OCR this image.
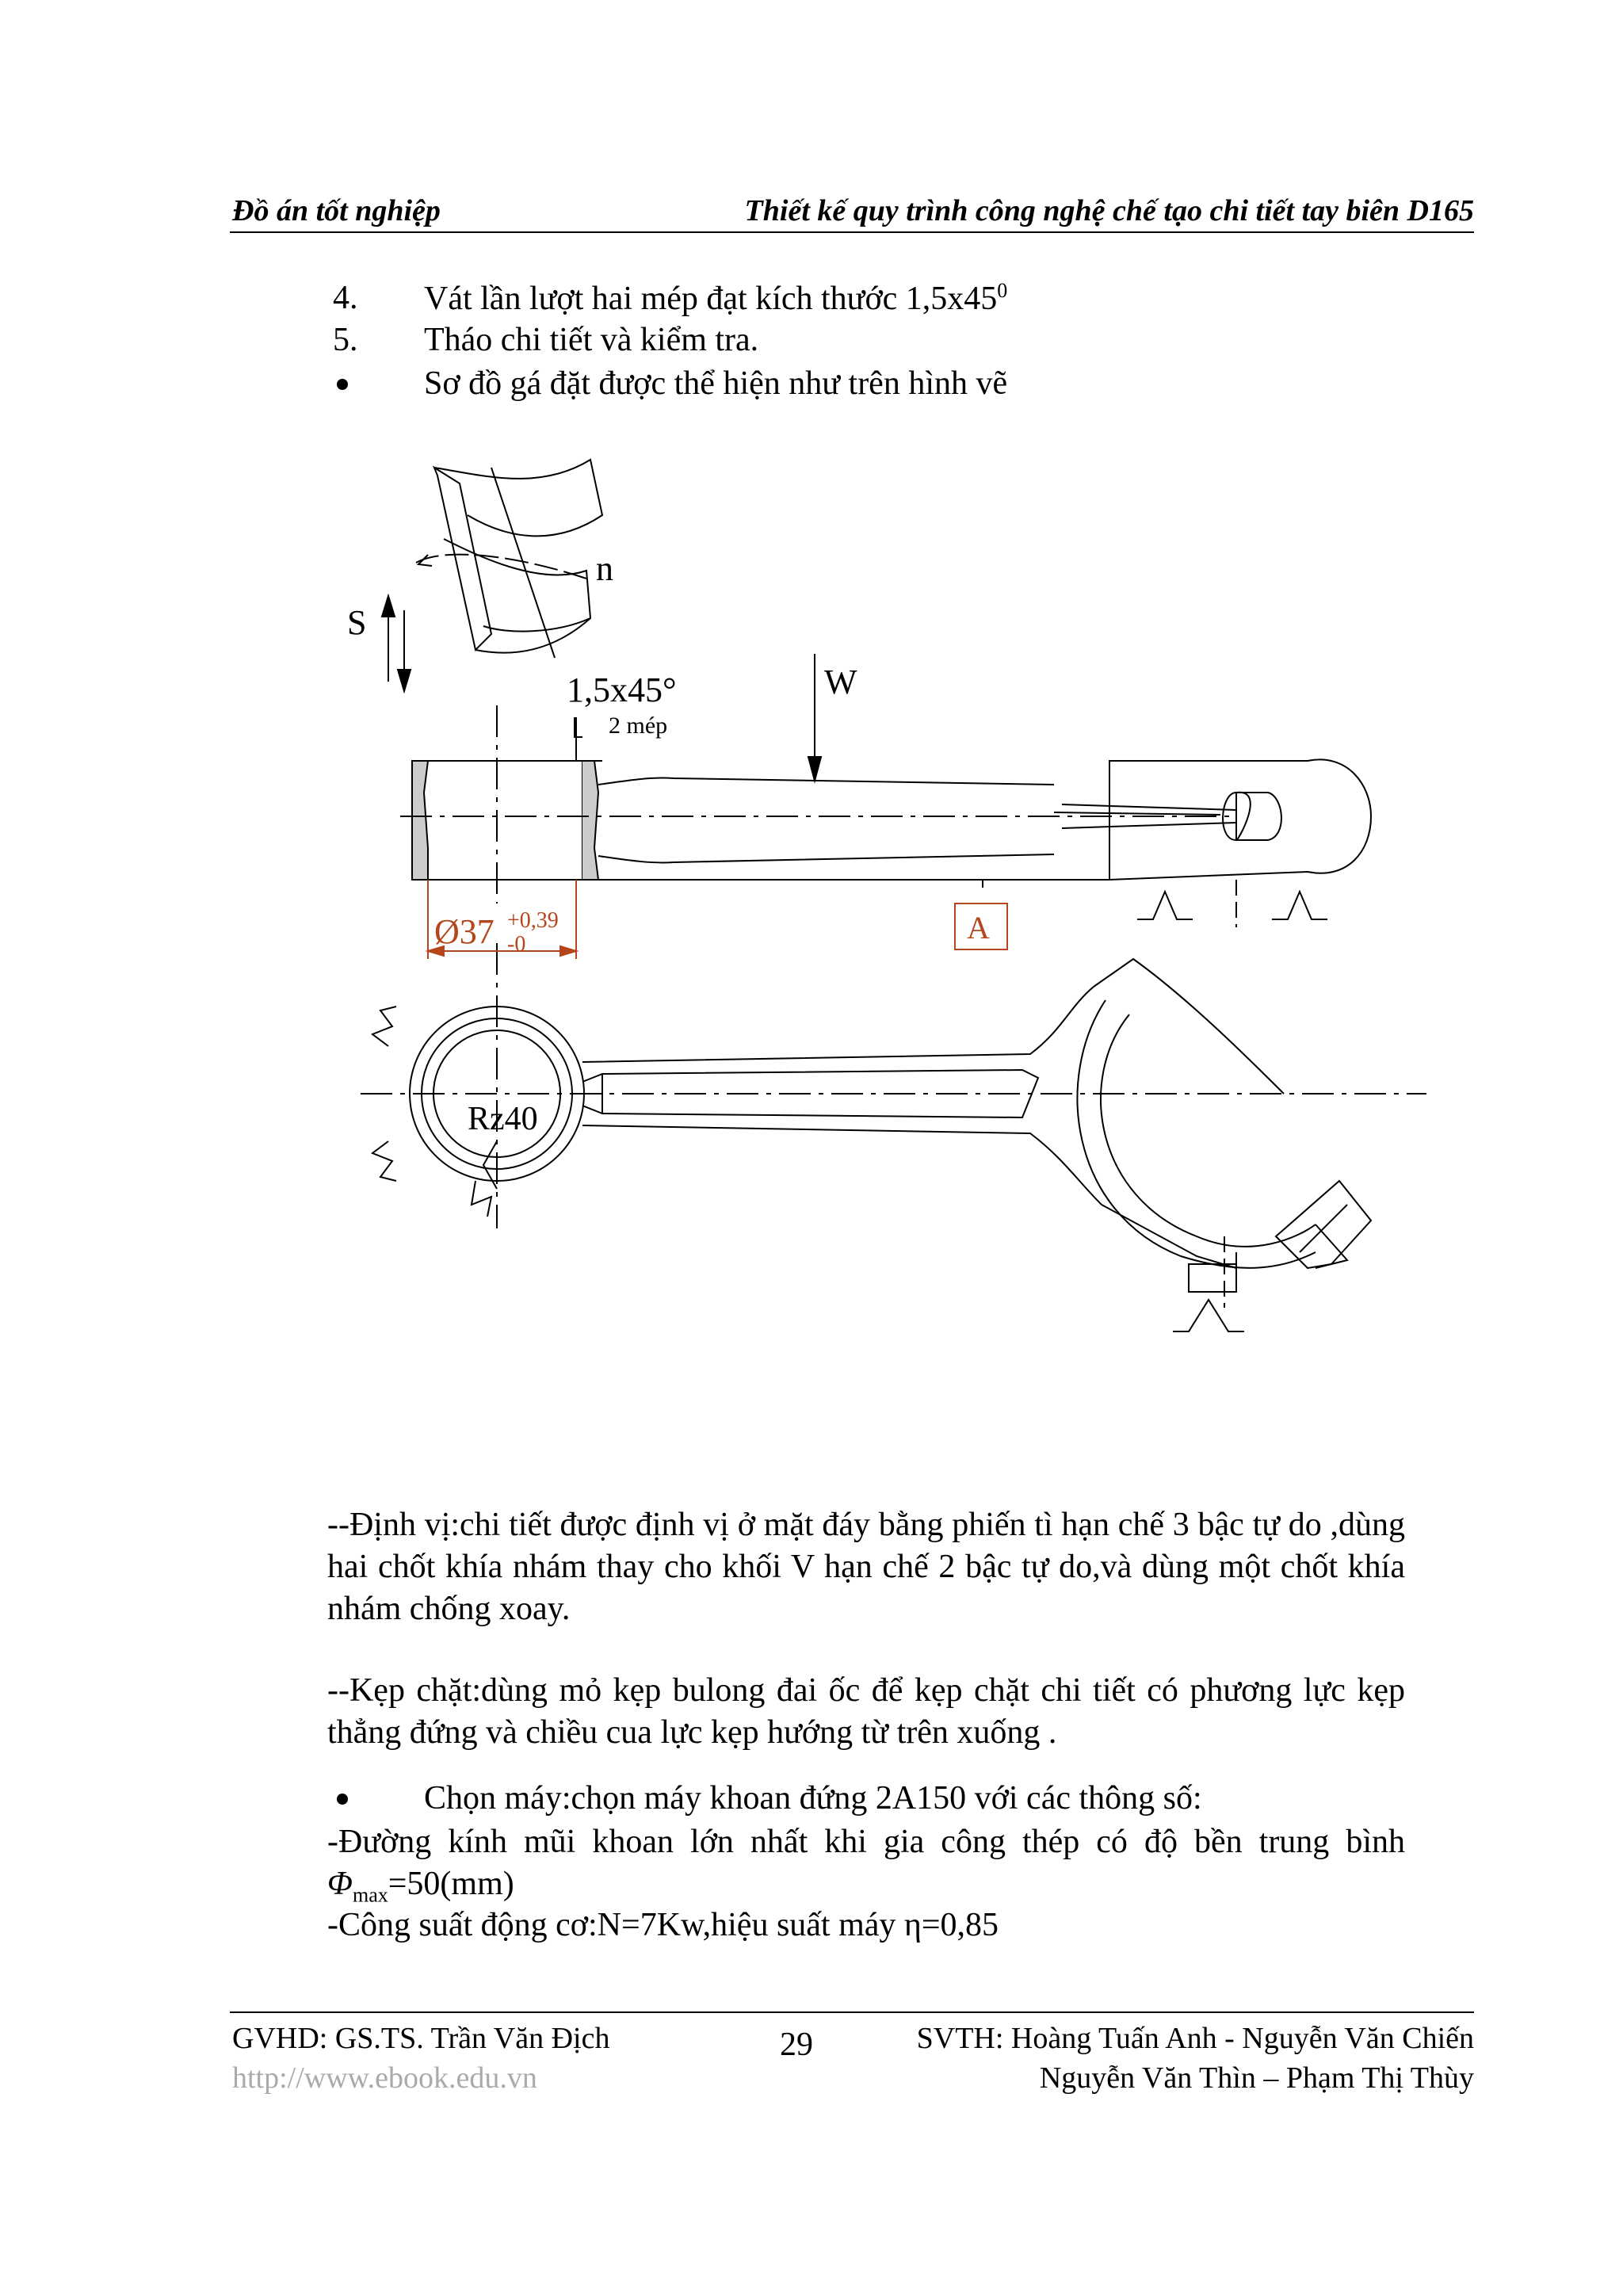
Đồ án tốt nghiệp	Thiết kế quy trình công nghệ chế tạo chi tiết tay biên D165
4. Vát lần lượt hai mép đạt kích thước $1,5x45^0$
5. Tháo chi tiết và kiểm tra.
Sơ đồ gá đặt được thể hiện như trên hình vẽ
n
S
W
1,5x45°
2 mép
Ø37 +0,39
-0	A
Rz40
--Định vị:chi tiết được định vị ở mặt đáy bằng phiến tì hạn chế 3 bậc tự do ,dùng hai chốt khía nhám thay cho khối V hạn chế 2 bậc tự do,và dùng một chốt khía nhám chống xoay.
--Kẹp chặt:dùng mỏ kẹp bulong đai ốc để kẹp chặt chi tiết có phương lực kẹp thẳng đứng và chiều cua lực kẹp hướng từ trên xuống .
Chọn máy:chọn máy khoan đứng 2A150 với các thông số:
-Đường kính mũi khoan lớn nhất khi gia công thép có độ bền trung bình $\Phi_{max}=50(mm)$
-Công suất động cơ:N=7Kw,hiệu suất máy η=0,85
GVHD: GS.TS. Trần Văn Địch	29	SVTH: Hoàng Tuấn Anh - Nguyễn Văn Chiến
http://www.ebook.edu.vn	Nguyễn Văn Thìn – Phạm Thị Thùy
